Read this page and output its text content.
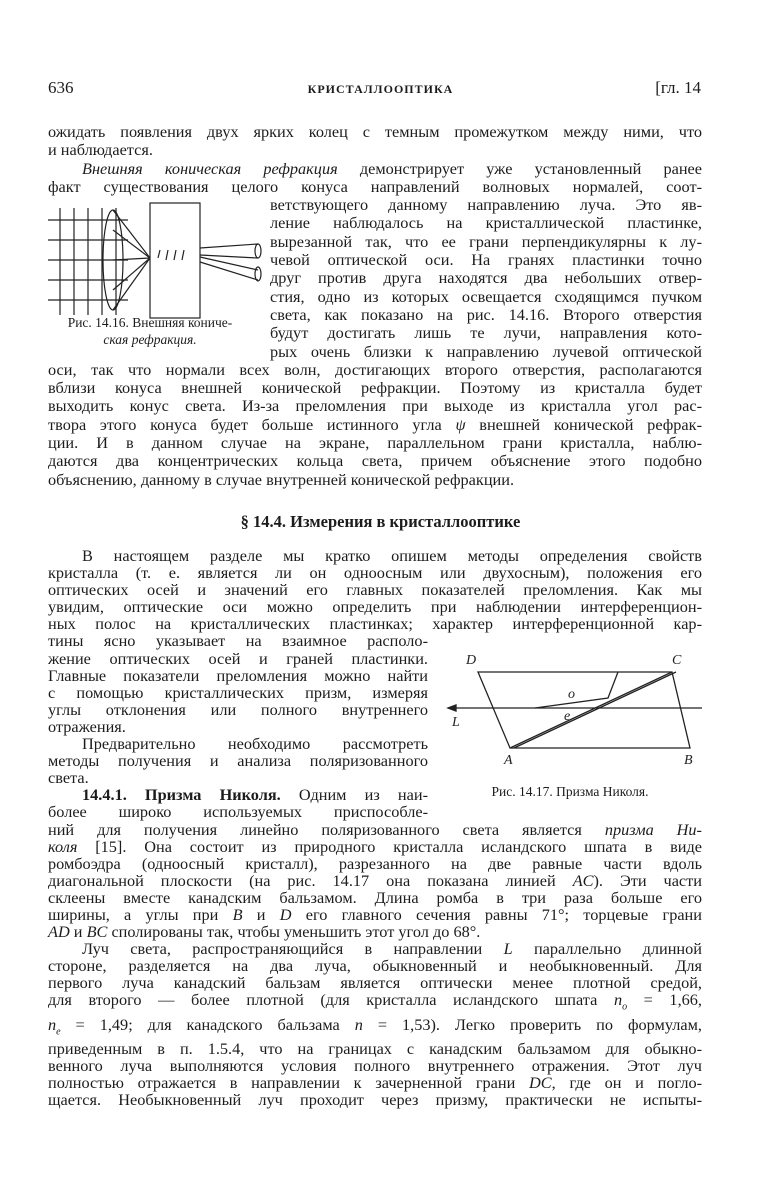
636	КРИСТАЛЛООПТИКА	[гл. 14
ожидать появления двух ярких колец с темным промежутком между ними, что
и наблюдается.
Внешняя коническая рефракция демонстрирует уже установленный ранее
факт существования целого конуса направлений волновых нормалей, соот-
ветствующего данному направлению луча. Это яв-
ление наблюдалось на кристаллической пластинке,
вырезанной так, что ее грани перпендикулярны к лу-
чевой оптической оси. На гранях пластинки точно
друг против друга находятся два небольших отвер-
стия, одно из которых освещается сходящимся пучком
света, как показано на рис. 14.16. Второго отверстия
будут достигать лишь те лучи, направления кото-
рых очень близки к направлению лучевой оптической
оси, так что нормали всех волн, достигающих второго отверстия, располагаются
вблизи конуса внешней конической рефракции. Поэтому из кристалла будет
выходить конус света. Из-за преломления при выходе из кристалла угол рас-
твора этого конуса будет больше истинного угла ψ внешней конической рефрак-
ции. И в данном случае на экране, параллельном грани кристалла, наблю-
даются два концентрических кольца света, причем объяснение этого подобно
объяснению, данному в случае внутренней конической рефракции.
§ 14.4. Измерения в кристаллооптике
В настоящем разделе мы кратко опишем методы определения свойств
кристалла (т. е. является ли он одноосным или двухосным), положения его
оптических осей и значений его главных показателей преломления. Как мы
увидим, оптические оси можно определить при наблюдении интерференцион-
ных полос на кристаллических пластинках; характер интерференционной кар-
тины ясно указывает на взаимное располо-
жение оптических осей и граней пластинки.
Главные показатели преломления можно найти
с помощью кристаллических призм, измеряя
углы отклонения или полного внутреннего
отражения.
Предварительно необходимо рассмотреть
методы получения и анализа поляризованного
света.
14.4.1. Призма Николя. Одним из наи-
более широко используемых приспособле-
ний для получения линейно поляризованного света является призма Ни-
коля [15]. Она состоит из природного кристалла исландского шпата в виде
ромбоэдра (одноосный кристалл), разрезанного на две равные части вдоль
диагональной плоскости (на рис. 14.17 она показана линией AC). Эти части
склеены вместе канадским бальзамом. Длина ромба в три раза больше его
ширины, а углы при B и D его главного сечения равны 71°; торцевые грани
AD и BC сполированы так, чтобы уменьшить этот угол до 68°.
Луч света, распространяющийся в направлении L параллельно длинной
стороне, разделяется на два луча, обыкновенный и необыкновенный. Для
первого луча канадский бальзам является оптически менее плотной средой,
для второго — более плотной (для кристалла исландского шпата $n_o = 1,66$,
$n_e = 1,49$; для канадского бальзама n = 1,53). Легко проверить по формулам,
приведенным в п. 1.5.4, что на границах с канадским бальзамом для обыкно-
венного луча выполняются условия полного внутреннего отражения. Этот луч
полностью отражается в направлении к зачерненной грани DC, где он и погло-
щается. Необыкновенный луч проходит через призму, практически не испыты-
Рис. 14.16. Внешняя кониче-
ская рефракция.
D	C
L
o
e
A	B
Рис. 14.17. Призма Николя.
